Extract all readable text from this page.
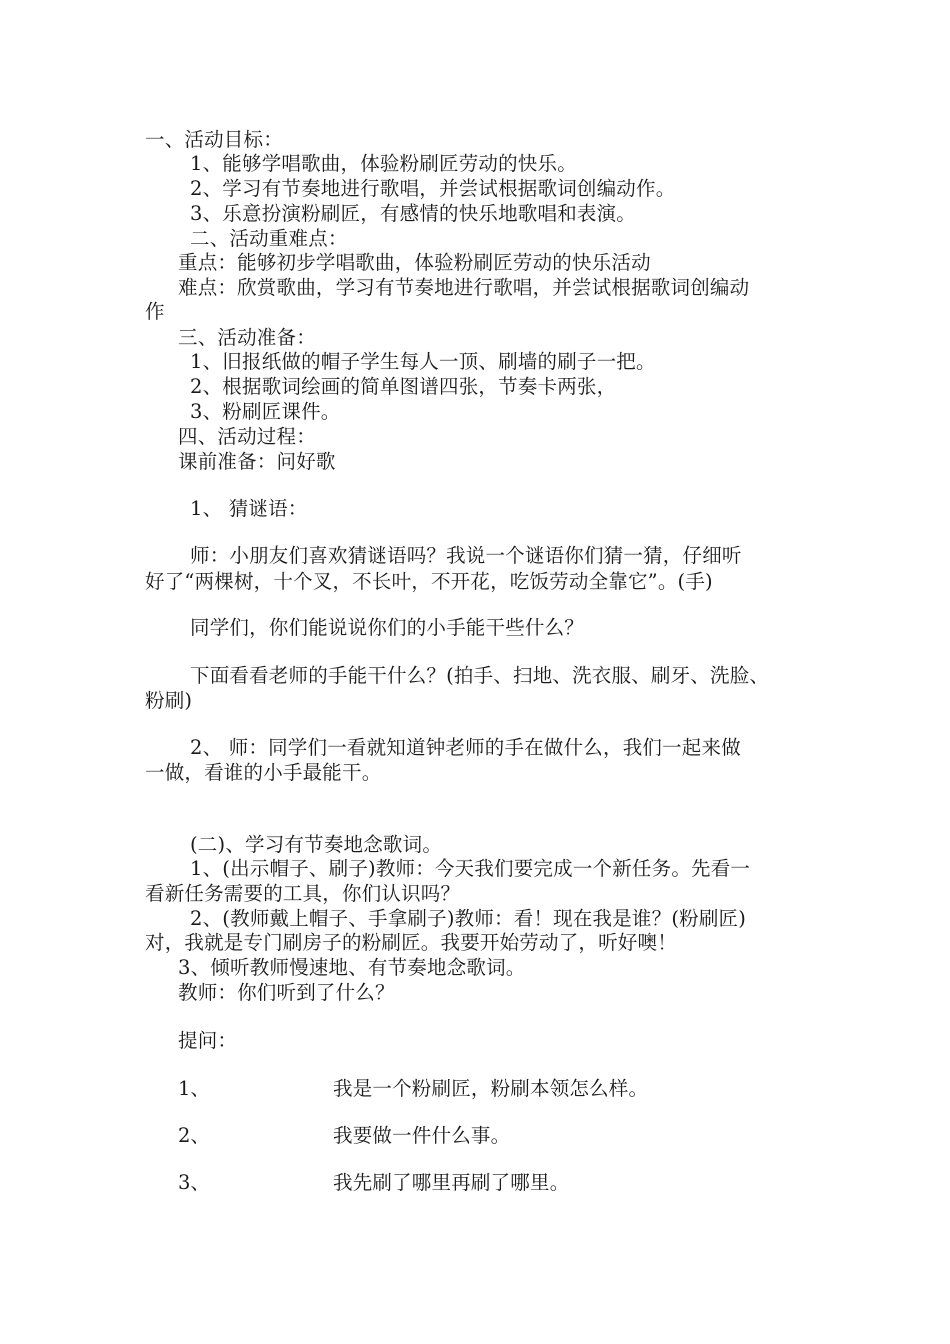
一、活动目标：
1、能够学唱歌曲，体验粉刷匠劳动的快乐。
2、学习有节奏地进行歌唱，并尝试根据歌词创编动作。
3、乐意扮演粉刷匠，有感情的快乐地歌唱和表演。
二、活动重难点：
重点：能够初步学唱歌曲，体验粉刷匠劳动的快乐活动
难点：欣赏歌曲，学习有节奏地进行歌唱，并尝试根据歌词创编动
作
三、活动准备：
1、旧报纸做的帽子学生每人一顶、刷墙的刷子一把。
2、根据歌词绘画的简单图谱四张，节奏卡两张，
3、粉刷匠课件。
四、活动过程：
课前准备：问好歌
1、 猜谜语：
师：小朋友们喜欢猜谜语吗？我说一个谜语你们猜一猜，仔细听
好了“两棵树，十个叉，不长叶，不开花，吃饭劳动全靠它”。(手)
同学们，你们能说说你们的小手能干些什么？
下面看看老师的手能干什么？(拍手、扫地、洗衣服、刷牙、洗脸、
粉刷)
2、 师：同学们一看就知道钟老师的手在做什么，我们一起来做
一做，看谁的小手最能干。
(二)、学习有节奏地念歌词。
1、(出示帽子、刷子)教师：今天我们要完成一个新任务。先看一
看新任务需要的工具，你们认识吗？
2、(教师戴上帽子、手拿刷子)教师：看！现在我是谁？(粉刷匠)
对，我就是专门刷房子的粉刷匠。我要开始劳动了，听好噢！
3、倾听教师慢速地、有节奏地念歌词。
教师：你们听到了什么？
提问：
1、	我是一个粉刷匠，粉刷本领怎么样。
2、	我要做一件什么事。
3、	我先刷了哪里再刷了哪里。
